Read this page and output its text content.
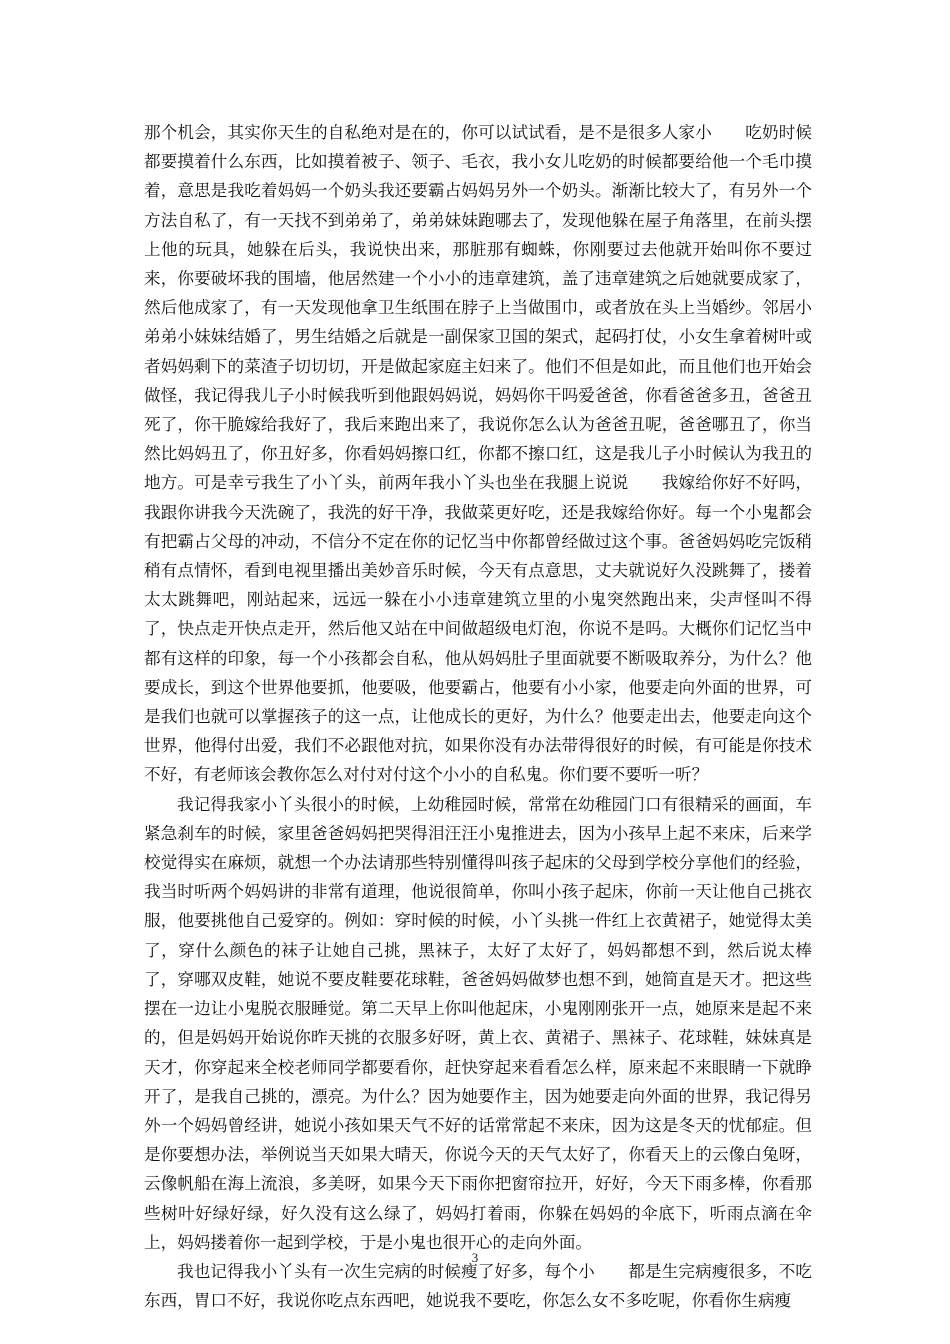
那个机会，其实你天生的自私绝对是在的，你可以试试看，是不是很多人家小　　吃奶时候都要摸着什么东西，比如摸着被子、领子、毛衣，我小女儿吃奶的时候都要给他一个毛巾摸着，意思是我吃着妈妈一个奶头我还要霸占妈妈另外一个奶头。渐渐比较大了，有另外一个方法自私了，有一天找不到弟弟了，弟弟妹妹跑哪去了，发现他躲在屋子角落里，在前头摆上他的玩具，她躲在后头，我说快出来，那脏那有蜘蛛，你刚要过去他就开始叫你不要过来，你要破坏我的围墙，他居然建一个小小的违章建筑，盖了违章建筑之后她就要成家了，然后他成家了，有一天发现他拿卫生纸围在脖子上当做围巾，或者放在头上当婚纱。邻居小弟弟小妹妹结婚了，男生结婚之后就是一副保家卫国的架式，起码打仗，小女生拿着树叶或者妈妈剩下的菜渣子切切切，开是做起家庭主妇来了。他们不但是如此，而且他们也开始会做怪，我记得我儿子小时候我听到他跟妈妈说，妈妈你干吗爱爸爸，你看爸爸多丑，爸爸丑死了，你干脆嫁给我好了，我后来跑出来了，我说你怎么认为爸爸丑呢，爸爸哪丑了，你当然比妈妈丑了，你丑好多，你看妈妈擦口红，你都不擦口红，这是我儿子小时候认为我丑的地方。可是幸亏我生了小丫头，前两年我小丫头也坐在我腿上说说　　我嫁给你好不好吗，我跟你讲我今天洗碗了，我洗的好干净，我做菜更好吃，还是我嫁给你好。每一个小鬼都会有把霸占父母的冲动，不信分不定在你的记忆当中你都曾经做过这个事。爸爸妈妈吃完饭稍稍有点情怀，看到电视里播出美妙音乐时候，今天有点意思，丈夫就说好久没跳舞了，搂着太太跳舞吧，刚站起来，远远一躲在小小违章建筑立里的小鬼突然跑出来，尖声怪叫不得了，快点走开快点走开，然后他又站在中间做超级电灯泡，你说不是吗。大概你们记忆当中都有这样的印象，每一个小孩都会自私，他从妈妈肚子里面就要不断吸取养分，为什么？他要成长，到这个世界他要抓，他要吸，他要霸占，他要有小小家，他要走向外面的世界，可是我们也就可以掌握孩子的这一点，让他成长的更好，为什么？他要走出去，他要走向这个世界，他得付出爱，我们不必跟他对抗，如果你没有办法带得很好的时候，有可能是你技术不好，有老师该会教你怎么对付对付这个小小的自私鬼。你们要不要听一听？

我记得我家小丫头很小的时候，上幼稚园时候，常常在幼稚园门口有很精采的画面，车紧急刹车的时候，家里爸爸妈妈把哭得泪汪汪小鬼推进去，因为小孩早上起不来床，后来学校觉得实在麻烦，就想一个办法请那些特别懂得叫孩子起床的父母到学校分享他们的经验，我当时听两个妈妈讲的非常有道理，他说很简单，你叫小孩子起床，你前一天让他自己挑衣服，他要挑他自己爱穿的。例如：穿时候的时候，小丫头挑一件红上衣黄裙子，她觉得太美了，穿什么颜色的袜子让她自己挑，黑袜子，太好了太好了，妈妈都想不到，然后说太棒了，穿哪双皮鞋，她说不要皮鞋要花球鞋，爸爸妈妈做梦也想不到，她简直是天才。把这些摆在一边让小鬼脱衣服睡觉。第二天早上你叫他起床，小鬼刚刚张开一点，她原来是起不来的，但是妈妈开始说你昨天挑的衣服多好呀，黄上衣、黄裙子、黑袜子、花球鞋，妹妹真是天才，你穿起来全校老师同学都要看你，赶快穿起来看看怎么样，原来起不来眼睛一下就睁开了，是我自己挑的，漂亮。为什么？因为她要作主，因为她要走向外面的世界，我记得另外一个妈妈曾经讲，她说小孩如果天气不好的话常常起不来床，因为这是冬天的忧郁症。但是你要想办法，举例说当天如果大晴天，你说今天的天气太好了，你看天上的云像白兔呀，云像帆船在海上流浪，多美呀，如果今天下雨你把窗帘拉开，好好，今天下雨多棒，你看那些树叶好绿好绿，好久没有这么绿了，妈妈打着雨，你躲在妈妈的伞底下，听雨点滴在伞上，妈妈搂着你一起到学校，于是小鬼也很开心的走向外面。

我也记得我小丫头有一次生完病的时候瘦了好多，每个小　　都是生完病瘦很多，不吃东西，胃口不好，我说你吃点东西吧，她说我不要吃，你怎么女不多吃呢，你看你生病瘦

3
